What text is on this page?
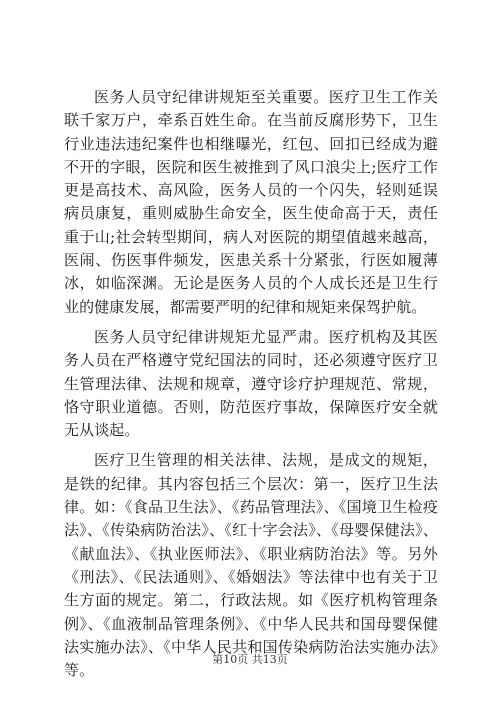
医务人员守纪律讲规矩至关重要。医疗卫生工作关联千家万户，牵系百姓生命。在当前反腐形势下，卫生行业违法违纪案件也相继曝光，红包、回扣已经成为避不开的字眼，医院和医生被推到了风口浪尖上;医疗工作更是高技术、高风险，医务人员的一个闪失，轻则延误病员康复，重则威胁生命安全，医生使命高于天，责任重于山;社会转型期间，病人对医院的期望值越来越高，医闹、伤医事件频发，医患关系十分紧张，行医如履薄冰，如临深渊。无论是医务人员的个人成长还是卫生行业的健康发展，都需要严明的纪律和规矩来保驾护航。

医务人员守纪律讲规矩尤显严肃。医疗机构及其医务人员在严格遵守党纪国法的同时，还必须遵守医疗卫生管理法律、法规和规章，遵守诊疗护理规范、常规，恪守职业道德。否则，防范医疗事故，保障医疗安全就无从谈起。

医疗卫生管理的相关法律、法规，是成文的规矩，是铁的纪律。其内容包括三个层次：第一，医疗卫生法律。如：《食品卫生法》、《药品管理法》、《国境卫生检疫法》、《传染病防治法》、《红十字会法》、《母婴保健法》、《献血法》、《执业医师法》、《职业病防治法》等。另外《刑法》、《民法通则》、《婚姻法》等法律中也有关于卫生方面的规定。第二，行政法规。如《医疗机构管理条例》、《血液制品管理条例》、《中华人民共和国母婴保健法实施办法》、《中华人民共和国传染病防治法实施办法》等。

第10页 共13页
